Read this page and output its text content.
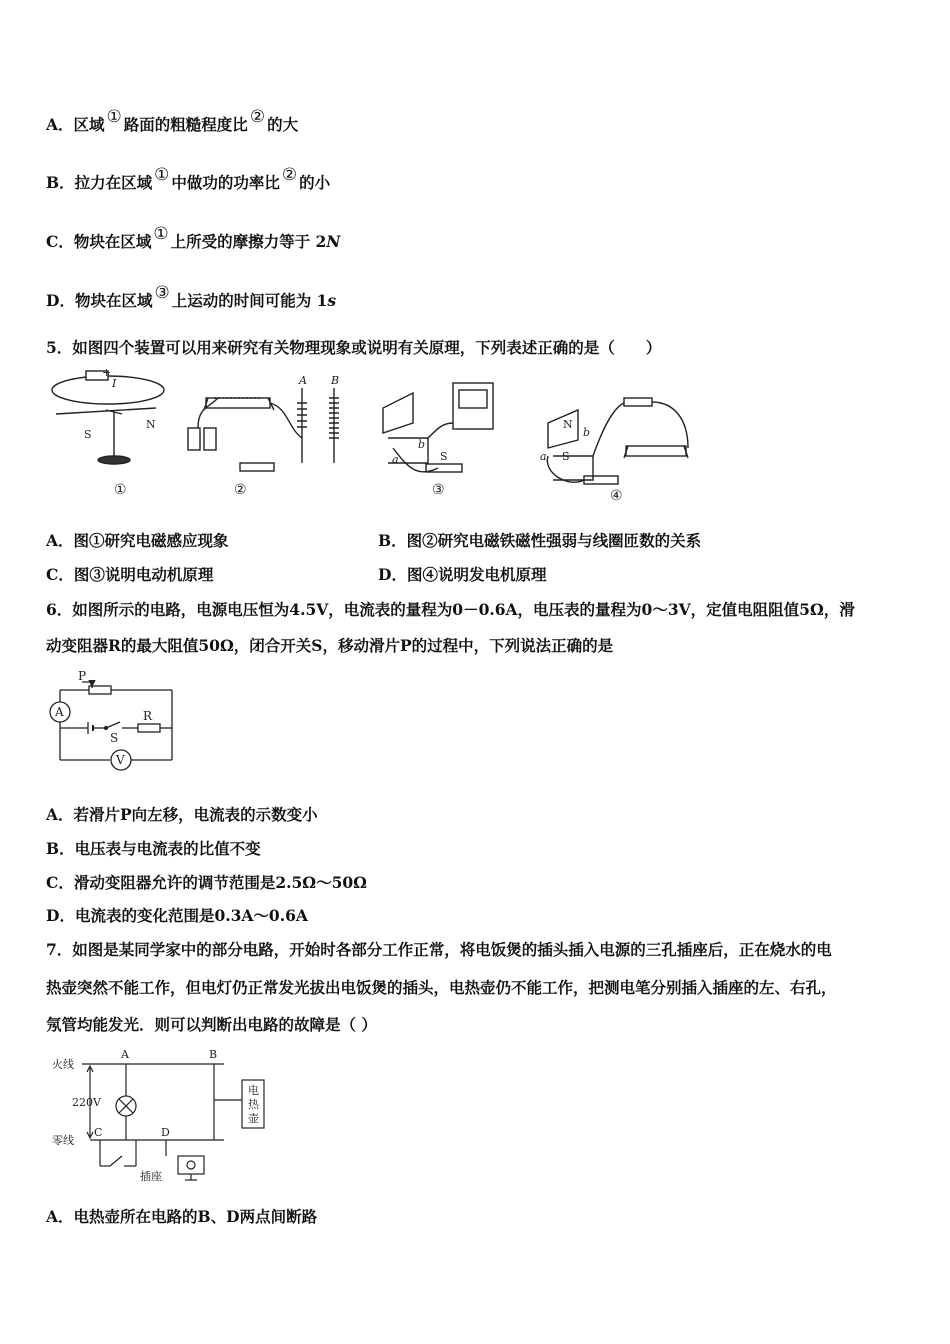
A．区域 ① 路面的粗糙程度比 ② 的大
B．拉力在区域 ① 中做功的功率比 ② 的小
C．物块在区域 ① 上所受的摩擦力等于 2N
D．物块在区域 ③ 上运动的时间可能为 1s
5．如图四个装置可以用来研究有关物理现象或说明有关原理，下列表述正确的是（　　）
+
I
S
N
A B
a
b
S
N
S
a
b
①	②	③	④
A．图①研究电磁感应现象	B．图②研究电磁铁磁性强弱与线圈匝数的关系
C．图③说明电动机原理	D．图④说明发电机原理
6．如图所示的电路，电源电压恒为4.5V，电流表的量程为0－0.6A，电压表的量程为0～3V，定值电阻阻值5Ω，滑
动变阻器R的最大阻值50Ω，闭合开关S，移动滑片P的过程中，下列说法正确的是
P
A	R
S
V
A．若滑片P向左移，电流表的示数变小
B．电压表与电流表的比值不变
C．滑动变阻器允许的调节范围是2.5Ω～50Ω
D．电流表的变化范围是0.3A～0.6A
7．如图是某同学家中的部分电路，开始时各部分工作正常，将电饭煲的插头插入电源的三孔插座后，正在烧水的电
热壶突然不能工作，但电灯仍正常发光拔出电饭煲的插头，电热壶仍不能工作，把测电笔分别插入插座的左、右孔，
氖管均能发光．则可以判断出电路的故障是（ ）
火线
零线
220V
A	B
C	D
插座
电
热
壶
A．电热壶所在电路的B、D两点间断路
